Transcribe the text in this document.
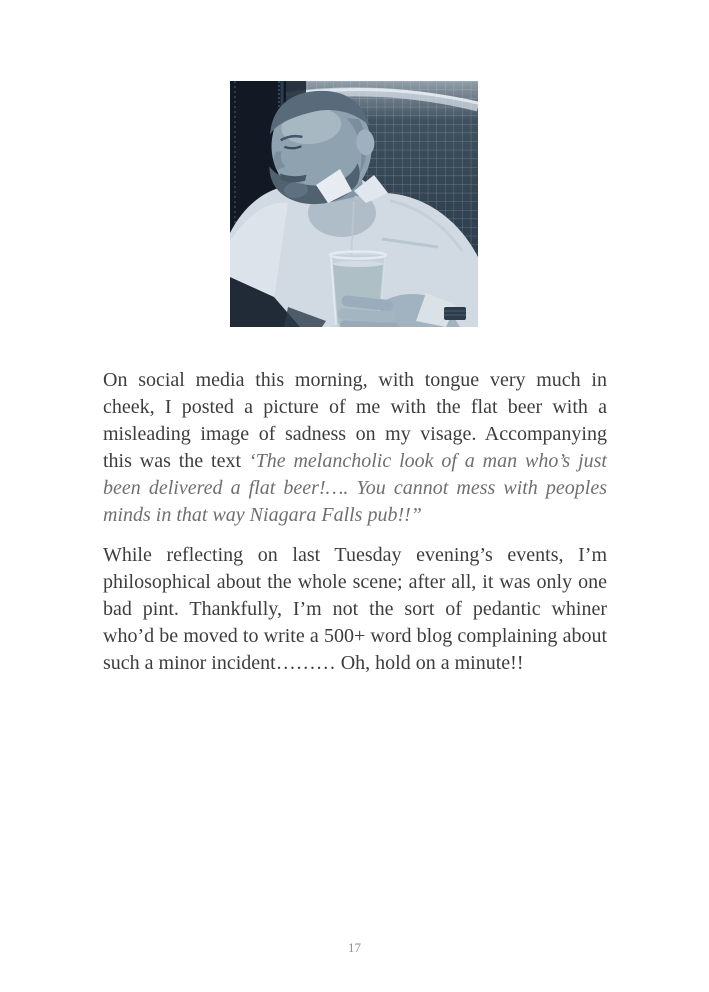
On social media this morning, with tongue very much in cheek, I posted a picture of me with the flat beer with a misleading image of sadness on my visage. Accompanying this was the text ‘The melancholic look of a man who’s just been delivered a flat beer!…. You cannot mess with peoples minds in that way Niagara Falls pub!!”

While reflecting on last Tuesday evening’s events, I’m philosophical about the whole scene; after all, it was only one bad pint. Thankfully, I’m not the sort of pedantic whiner who’d be moved to write a 500+ word blog complaining about such a minor incident……… Oh, hold on a minute!!

17
